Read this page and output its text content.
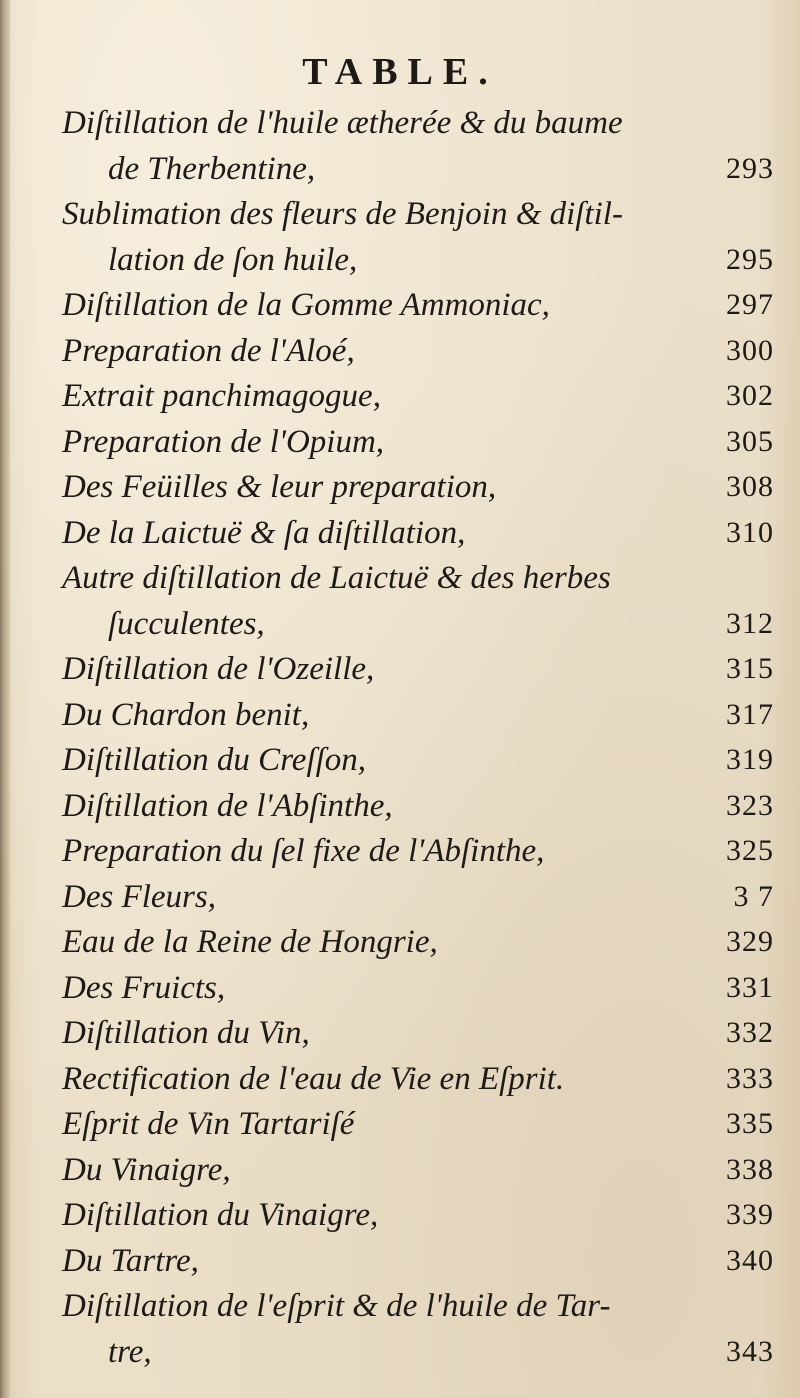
TABLE.
Diſtillation de l'huile ætherée & du baume
de Therbentine,	293
Sublimation des fleurs de Benjoin & diſtil-
lation de ſon huile,	295
Diſtillation de la Gomme Ammoniac,	297
Preparation de l'Aloé,	300
Extrait panchimagogue,	302
Preparation de l'Opium,	305
Des Feüilles & leur preparation,	308
De la Laictuë & ſa diſtillation,	310
Autre diſtillation de Laictuë & des herbes
ſucculentes,	312
Diſtillation de l'Ozeille,	315
Du Chardon benit,	317
Diſtillation du Creſſon,	319
Diſtillation de l'Abſinthe,	323
Preparation du ſel fixe de l'Abſinthe,	325
Des Fleurs,	3 7
Eau de la Reine de Hongrie,	329
Des Fruicts,	331
Diſtillation du Vin,	332
Rectification de l'eau de Vie en Eſprit.	333
Eſprit de Vin Tartariſé	335
Du Vinaigre,	338
Diſtillation du Vinaigre,	339
Du Tartre,	340
Diſtillation de l'eſprit & de l'huile de Tar-
tre,	343
